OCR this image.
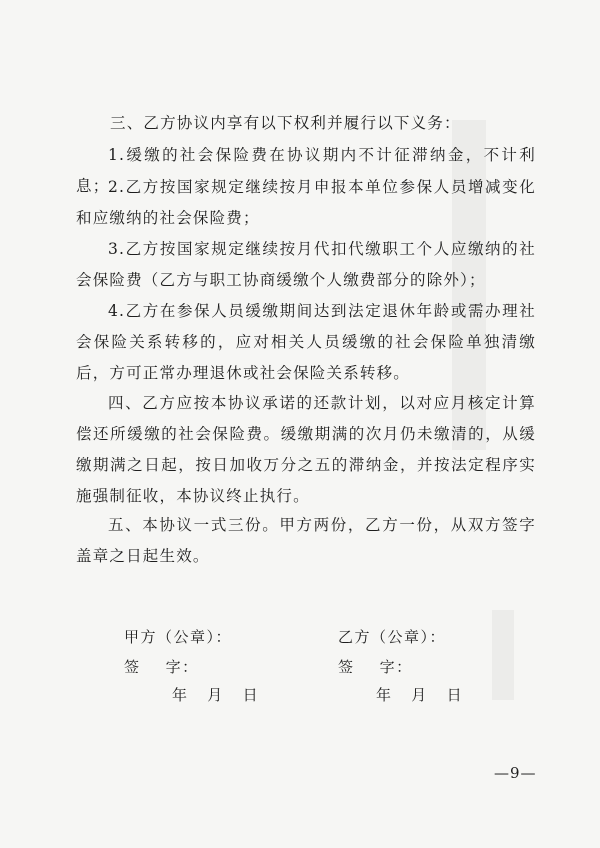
三、乙方协议内享有以下权利并履行以下义务：

1.缓缴的社会保险费在协议期内不计征滞纳金，不计利息；

2.乙方按国家规定继续按月申报本单位参保人员增减变化和应缴纳的社会保险费；

3.乙方按国家规定继续按月代扣代缴职工个人应缴纳的社会保险费（乙方与职工协商缓缴个人缴费部分的除外）；

4.乙方在参保人员缓缴期间达到法定退休年龄或需办理社会保险关系转移的，应对相关人员缓缴的社会保险单独清缴后，方可正常办理退休或社会保险关系转移。

四、乙方应按本协议承诺的还款计划，以对应月核定计算偿还所缓缴的社会保险费。缓缴期满的次月仍未缴清的，从缓缴期满之日起，按日加收万分之五的滞纳金，并按法定程序实施强制征收，本协议终止执行。

五、本协议一式三份。甲方两份，乙方一份，从双方签字盖章之日起生效。

甲方（公章）：
签    字：
年   月   日
乙方（公章）：
签    字：
年   月   日
—9—
